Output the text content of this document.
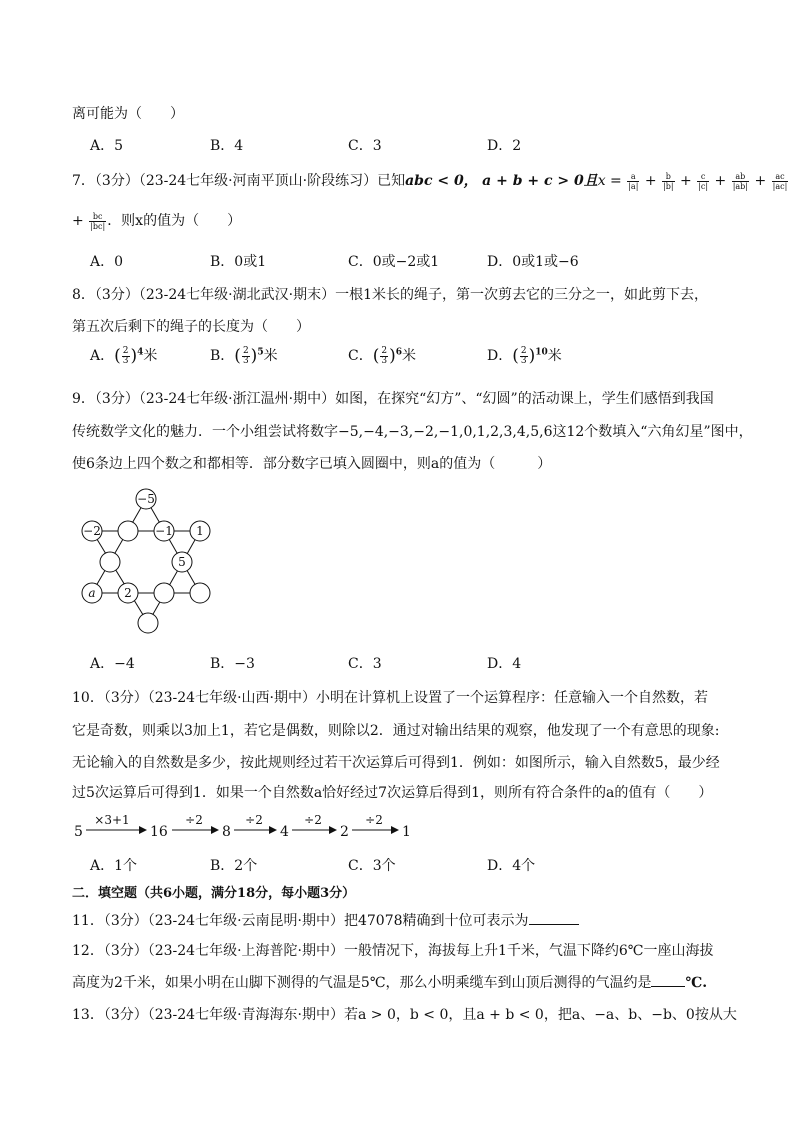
离可能为（　　）
A．5	B．4	C．3	D．2
7．（3分）（23-24七年级·河南平顶山·阶段练习）已知abc < 0， a + b + c > 0且$x = \frac{a}{|a|} + \frac{b}{|b|} + \frac{c}{|c|} + \frac{ab}{|ab|} + \frac{ac}{|ac|}$
+ $\frac{bc}{|bc|}$ ．则x的值为（　　）
A．0	B．0或1	C．0或−2或1	D．0或1或−6
8．（3分）（23-24七年级·湖北武汉·期末）一根1米长的绳子，第一次剪去它的三分之一，如此剪下去，
第五次后剩下的绳子的长度为（　　）
A．( $\frac{2}{3} )^4$米	B．( $\frac{2}{3} )^5$米	C．( $\frac{2}{3} )^6$米	D．( $\frac{2}{3} )^{10}$米
9．（3分）（23-24七年级·浙江温州·期中）如图，在探究“幻方”、“幻圆”的活动课上，学生们感悟到我国
传统数学文化的魅力．一个小组尝试将数字−5,−4,−3,−2,−1,0,1,2,3,4,5,6这12个数填入“六角幻星”图中，
使6条边上四个数之和都相等．部分数字已填入圆圈中，则a的值为（　　　）
−5
−2	−1 1
5
a 2
A．−4	B．−3	C．3	D．4
10．（3分）（23-24七年级·山西·期中）小明在计算机上设置了一个运算程序：任意输入一个自然数，若
它是奇数，则乘以3加上1，若它是偶数，则除以2．通过对输出结果的观察，他发现了一个有意思的现象:
无论输入的自然数是多少，按此规则经过若干次运算后可得到1．例如：如图所示，输入自然数5，最少经
过5次运算后可得到1．如果一个自然数a恰好经过7次运算后得到1，则所有符合条件的a的值有（　　）
5	16	8	4	2	1
×3+1	÷2	÷2	÷2	÷2
A．1个	B．2个	C．3个	D．4个
二．填空题（共6小题，满分18分，每小题3分）
11．（3分）（23-24七年级·云南昆明·期中）把47078精确到十位可表示为
12．（3分）（23-24七年级·上海普陀·期中）一般情况下，海拔每上升1千米，气温下降约6℃一座山海拔
高度为2千米，如果小明在山脚下测得的气温是5℃，那么小明乘缆车到山顶后测得的气温约是 ℃.
13．（3分）（23-24七年级·青海海东·期中）若a > 0，b < 0，且a + b < 0，把a、−a、b、−b、0按从大
